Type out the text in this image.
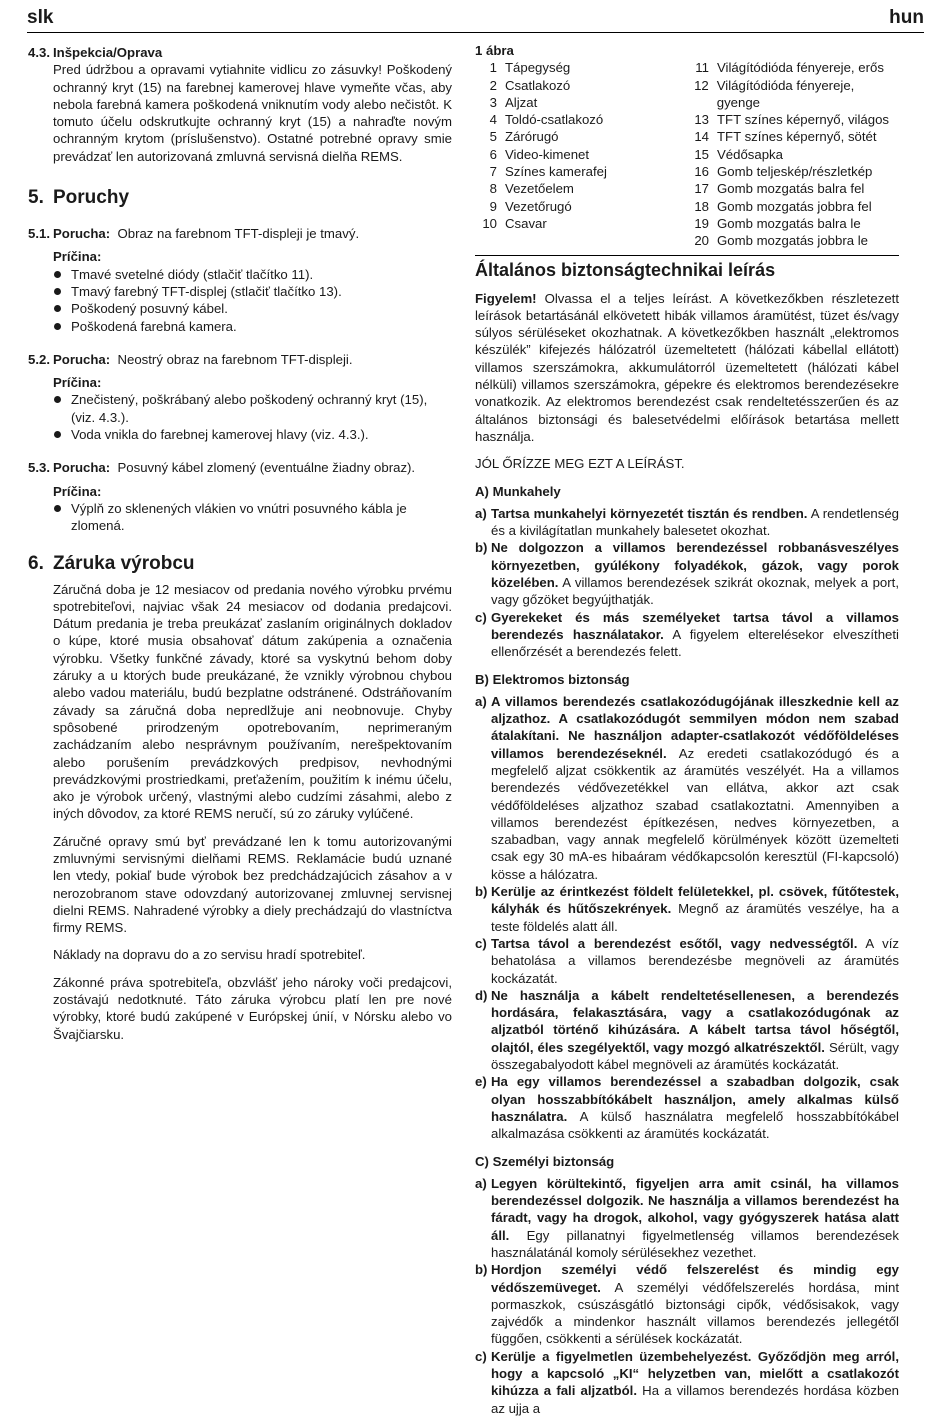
slk	hun
4.3. Inšpekcia/Oprava

Pred údržbou a opravami vytiahnite vidlicu zo zásuvky! Poškodený ochranný kryt (15) na farebnej kamerovej hlave vymeňte včas, aby nebola farebná kamera poškodená vniknutím vody alebo nečistôt. K tomuto účelu odskrutkujte ochranný kryt (15) a nahraďte novým ochranným krytom (príslušenstvo). Ostatné potrebné opravy smie prevádzať len autorizovaná zmluvná servisná dielňa REMS.

5. Poruchy
5.1. Porucha: Obraz na farebnom TFT-displeji je tmavý.
Príčina:
Tmavé svetelné diódy (stlačiť tlačítko 11).
Tmavý farebný TFT-displej (stlačiť tlačítko 13).
Poškodený posuvný kábel.
Poškodená farebná kamera.
5.2. Porucha: Neostrý obraz na farebnom TFT-displeji.
Príčina:
Znečistený, poškrábaný alebo poškodený ochranný kryt (15), (viz. 4.3.).
Voda vnikla do farebnej kamerovej hlavy (viz. 4.3.).
5.3. Porucha: Posuvný kábel zlomený (eventuálne žiadny obraz).
Príčina:
Výplň zo sklenených vlákien vo vnútri posuvného kábla je zlomená.
6. Záruka výrobcu

Záručná doba je 12 mesiacov od predania nového výrobku prvému spotrebiteľovi, najviac však 24 mesiacov od dodania predajcovi. Dátum predania je treba preukázať zaslaním originálnych dokladov o kúpe, ktoré musia obsahovať dátum zakúpenia a označenia výrobku. Všetky funkčné závady, ktoré sa vyskytnú behom doby záruky a u ktorých bude preukázané, že vznikly výrobnou chybou alebo vadou materiálu, budú bezplatne odstránené. Odstráňovaním závady sa záručná doba nepredlžuje ani neobnovuje. Chyby spôsobené prirodzeným opotrebovaním, neprimeraným zachádzaním alebo nesprávnym používaním, nerešpektovaním alebo porušením prevádzkových predpisov, nevhodnými prevádzkovými prostriedkami, preťažením, použitím k inému účelu, ako je výrobok určený, vlastnými alebo cudzími zásahmi, alebo z iných dôvodov, za ktoré REMS neručí, sú zo záruky vylúčené.

Záručné opravy smú byť prevádzané len k tomu autorizovanými zmluvnými servisnými dielňami REMS. Reklamácie budú uznané len vtedy, pokiaľ bude výrobok bez predchádzajúcich zásahov a v nerozobranom stave odovzdaný autorizovanej zmluvnej servisnej dielni REMS. Nahradené výrobky a diely prechádzajú do vlastníctva firmy REMS.

Náklady na dopravu do a zo servisu hradí spotrebiteľ.

Zákonné práva spotrebiteľa, obzvlášť jeho nároky voči predajcovi, zostávajú nedotknuté. Táto záruka výrobcu platí len pre nové výrobky, ktoré budú zakúpené v Európskej únií, v Nórsku alebo vo Švajčiarsku.

1 ábra
1 Tápegység
2 Csatlakozó
3 Aljzat
4 Toldó-csatlakozó
5 Zárórugó
6 Video-kimenet
7 Színes kamerafej
8 Vezetőelem
9 Vezetőrugó
10 Csavar
11 Világítódióda fényereje, erős
12 Világítódióda fényereje, gyenge
13 TFT színes képernyő, világos
14 TFT színes képernyő, sötét
15 Védősapka
16 Gomb teljeskép/részletkép
17 Gomb mozgatás balra fel
18 Gomb mozgatás jobbra fel
19 Gomb mozgatás balra le
20 Gomb mozgatás jobbra le
Általános biztonságtechnikai leírás

Figyelem! Olvassa el a teljes leírást. A következőkben részletezett leírások betartásánál elkövetett hibák villamos áramütést, tüzet és/vagy súlyos sérüléseket okozhatnak. A következőkben használt „elektromos készülék” kifejezés hálózatról üzemeltetett (hálózati kábellal ellátott) villamos szerszámokra, akkumulátorról üzemeltetett (hálózati kábel nélküli) villamos szerszámokra, gépekre és elektromos berendezésekre vonatkozik. Az elektromos berendezést csak rendeltetésszerűen és az általános biztonsági és balesetvédelmi előírások betartása mellett használja.

JÓL ŐRÍZZE MEG EZT A LEÍRÁST.

A) Munkahely
a) Tartsa munkahelyi környezetét tisztán és rendben. A rendetlenség és a kivilágítatlan munkahely balesetet okozhat.
b) Ne dolgozzon a villamos berendezéssel robbanásveszélyes környezetben, gyúlékony folyadékok, gázok, vagy porok közelében. A villamos berendezések szikrát okoznak, melyek a port, vagy gőzöket begyújthatják.
c) Gyerekeket és más személyeket tartsa távol a villamos berendezés használatakor. A figyelem elterelésekor elveszítheti ellenőrzését a berendezés felett.
B) Elektromos biztonság
a) A villamos berendezés csatlakozódugójának illeszkednie kell az aljzathoz. A csatlakozódugót semmilyen módon nem szabad átalakítani. Ne használjon adapter-csatlakozót védőföldeléses villamos berendezéseknél. Az eredeti csatlakozódugó és a megfelelő aljzat csökkentik az áramütés veszélyét. Ha a villamos berendezés védővezetékkel van ellátva, akkor azt csak védőföldeléses aljzathoz szabad csatlakoztatni. Amennyiben a villamos berendezést építkezésen, nedves környezetben, a szabadban, vagy annak megfelelő körülmények között üzemelteti csak egy 30 mA-es hibaáram védőkapcsolón keresztül (FI-kapcsoló) kösse a hálózatra.
b) Kerülje az érintkezést földelt felületekkel, pl. csövek, fűtőtestek, kályhák és hűtőszekrények. Megnő az áramütés veszélye, ha a teste földelés alatt áll.
c) Tartsa távol a berendezést esőtől, vagy nedvességtől. A víz behatolása a villamos berendezésbe megnöveli az áramütés kockázatát.
d) Ne használja a kábelt rendeltetésellenesen, a berendezés hordására, felakasztására, vagy a csatlakozódugónak az aljzatból történő kihúzására. A kábelt tartsa távol hőségtől, olajtól, éles szegélyektől, vagy mozgó alkatrészektől. Sérült, vagy összegabalyodott kábel megnöveli az áramütés kockázatát.
e) Ha egy villamos berendezéssel a szabadban dolgozik, csak olyan hosszabbítókábelt használjon, amely alkalmas külső használatra. A külső használatra megfelelő hosszabbítókábel alkalmazása csökkenti az áramütés kockázatát.
C) Személyi biztonság
a) Legyen körültekintő, figyeljen arra amit csinál, ha villamos berendezéssel dolgozik. Ne használja a villamos berendezést ha fáradt, vagy ha drogok, alkohol, vagy gyógyszerek hatása alatt áll. Egy pillanatnyi figyelmetlenség villamos berendezések használatánál komoly sérülésekhez vezethet.
b) Hordjon személyi védő felszerelést és mindig egy védőszemüveget. A személyi védőfelszerelés hordása, mint pormaszkok, csúszásgátló biztonsági cipők, védősisakok, vagy zajvédők a mindenkor használt villamos berendezés jellegétől függően, csökkenti a sérülések kockázatát.
c) Kerülje a figyelmetlen üzembehelyezést. Győződjön meg arról, hogy a kapcsoló „KI“ helyzetben van, mielőtt a csatlakozót kihúzza a fali aljzatból. Ha a villamos berendezés hordása közben az ujja a
